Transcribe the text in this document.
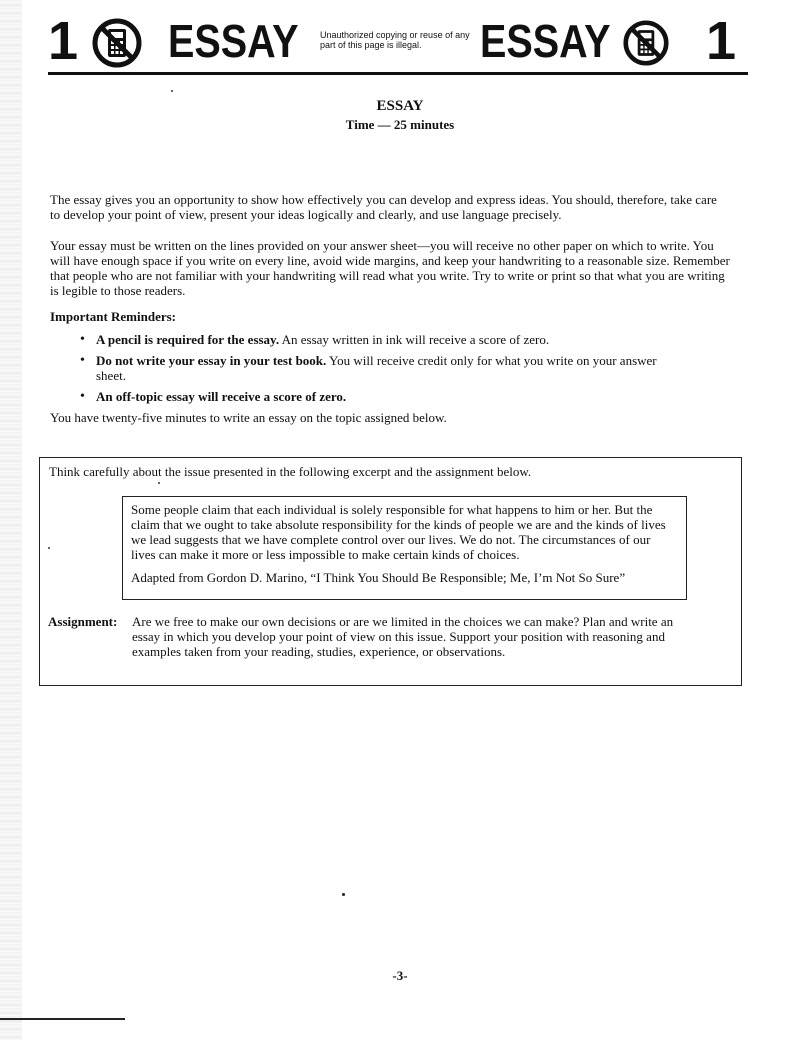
1 ESSAY Unauthorized copying or reuse of any part of this page is illegal.	ESSAY 1
ESSAY
Time — 25 minutes
The essay gives you an opportunity to show how effectively you can develop and express ideas. You should, therefore, take care to develop your point of view, present your ideas logically and clearly, and use language precisely.
Your essay must be written on the lines provided on your answer sheet—you will receive no other paper on which to write. You will have enough space if you write on every line, avoid wide margins, and keep your handwriting to a reasonable size. Remember that people who are not familiar with your handwriting will read what you write. Try to write or print so that what you are writing is legible to those readers.
Important Reminders:
• A pencil is required for the essay. An essay written in ink will receive a score of zero.
• Do not write your essay in your test book. You will receive credit only for what you write on your answer sheet.
• An off-topic essay will receive a score of zero.
You have twenty-five minutes to write an essay on the topic assigned below.
Think carefully about the issue presented in the following excerpt and the assignment below.
Some people claim that each individual is solely responsible for what happens to him or her. But the claim that we ought to take absolute responsibility for the kinds of people we are and the kinds of lives we lead suggests that we have complete control over our lives. We do not. The circumstances of our lives can make it more or less impossible to make certain kinds of choices.
Adapted from Gordon D. Marino, “I Think You Should Be Responsible; Me, I’m Not So Sure”
Assignment: Are we free to make our own decisions or are we limited in the choices we can make? Plan and write an essay in which you develop your point of view on this issue. Support your position with reasoning and examples taken from your reading, studies, experience, or observations.
-3-
